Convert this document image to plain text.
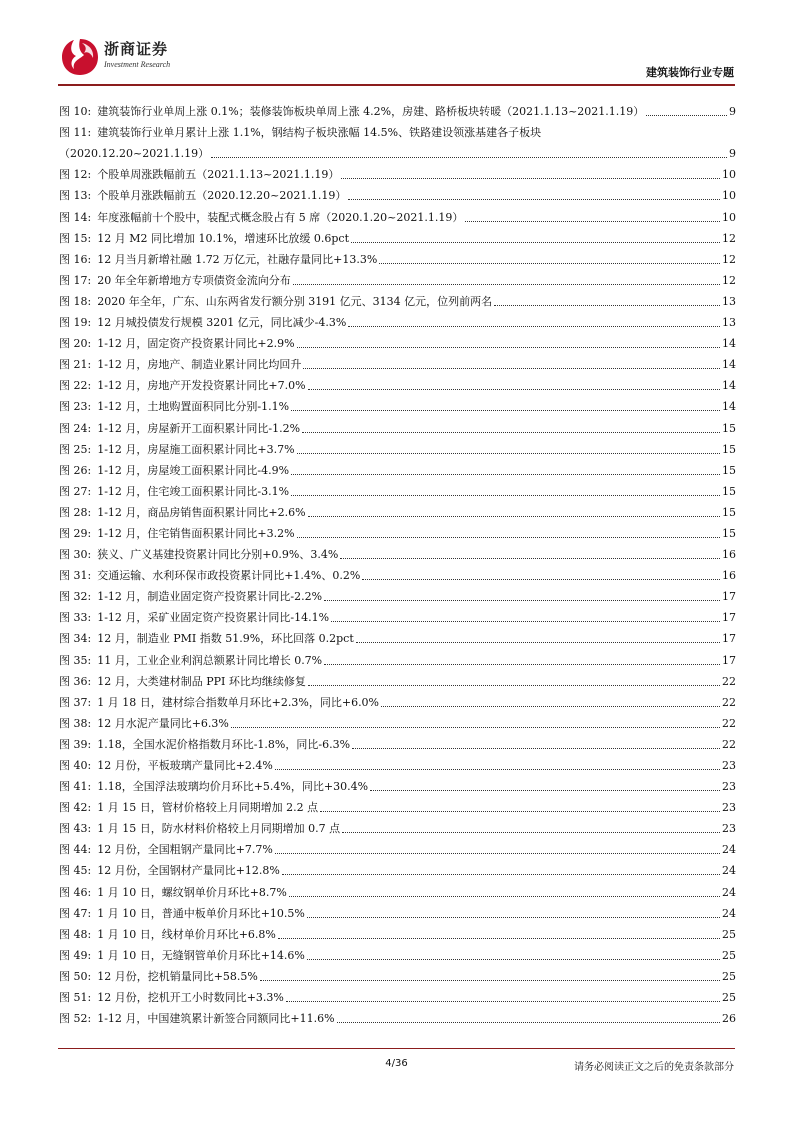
浙商证券
Investment Research
建筑装饰行业专题
图 10: 建筑装饰行业单周上涨 0.1%；装修装饰板块单周上涨 4.2%，房建、路桥板块转暖（2021.1.13~2021.1.19）	9
图 11: 建筑装饰行业单月累计上涨 1.1%，钢结构子板块涨幅 14.5%、铁路建设领涨基建各子板块
（2020.12.20~2021.1.19）	9
图 12: 个股单周涨跌幅前五（2021.1.13~2021.1.19）	10
图 13: 个股单月涨跌幅前五（2020.12.20~2021.1.19）	10
图 14: 年度涨幅前十个股中，装配式概念股占有 5 席（2020.1.20~2021.1.19）	10
图 15: 12 月 M2 同比增加 10.1%，增速环比放缓 0.6pct	12
图 16: 12 月当月新增社融 1.72 万亿元，社融存量同比+13.3%	12
图 17: 20 年全年新增地方专项债资金流向分布	12
图 18: 2020 年全年，广东、山东两省发行额分别 3191 亿元、3134 亿元，位列前两名	13
图 19: 12 月城投债发行规模 3201 亿元，同比减少-4.3%	13
图 20: 1-12 月，固定资产投资累计同比+2.9%	14
图 21: 1-12 月，房地产、制造业累计同比均回升	14
图 22: 1-12 月，房地产开发投资累计同比+7.0%	14
图 23: 1-12 月，土地购置面积同比分别-1.1%	14
图 24: 1-12 月，房屋新开工面积累计同比-1.2%	15
图 25: 1-12 月，房屋施工面积累计同比+3.7%	15
图 26: 1-12 月，房屋竣工面积累计同比-4.9%	15
图 27: 1-12 月，住宅竣工面积累计同比-3.1%	15
图 28: 1-12 月，商品房销售面积累计同比+2.6%	15
图 29: 1-12 月，住宅销售面积累计同比+3.2%	15
图 30: 狭义、广义基建投资累计同比分别+0.9%、3.4%	16
图 31: 交通运输、水利环保市政投资累计同比+1.4%、0.2%	16
图 32: 1-12 月，制造业固定资产投资累计同比-2.2%	17
图 33: 1-12 月，采矿业固定资产投资累计同比-14.1%	17
图 34: 12 月，制造业 PMI 指数 51.9%，环比回落 0.2pct	17
图 35: 11 月，工业企业利润总额累计同比增长 0.7%	17
图 36: 12 月，大类建材制品 PPI 环比均继续修复	22
图 37: 1 月 18 日，建材综合指数单月环比+2.3%，同比+6.0%	22
图 38: 12 月水泥产量同比+6.3%	22
图 39: 1.18，全国水泥价格指数月环比-1.8%，同比-6.3%	22
图 40: 12 月份，平板玻璃产量同比+2.4%	23
图 41: 1.18，全国浮法玻璃均价月环比+5.4%，同比+30.4%	23
图 42: 1 月 15 日，管材价格较上月同期增加 2.2 点	23
图 43: 1 月 15 日，防水材料价格较上月同期增加 0.7 点	23
图 44: 12 月份，全国粗钢产量同比+7.7%	24
图 45: 12 月份，全国钢材产量同比+12.8%	24
图 46: 1 月 10 日，螺纹钢单价月环比+8.7%	24
图 47: 1 月 10 日，普通中板单价月环比+10.5%	24
图 48: 1 月 10 日，线材单价月环比+6.8%	25
图 49: 1 月 10 日，无缝钢管单价月环比+14.6%	25
图 50: 12 月份，挖机销量同比+58.5%	25
图 51: 12 月份，挖机开工小时数同比+3.3%	25
图 52: 1-12 月，中国建筑累计新签合同额同比+11.6%	26
4/36	请务必阅读正文之后的免责条款部分
